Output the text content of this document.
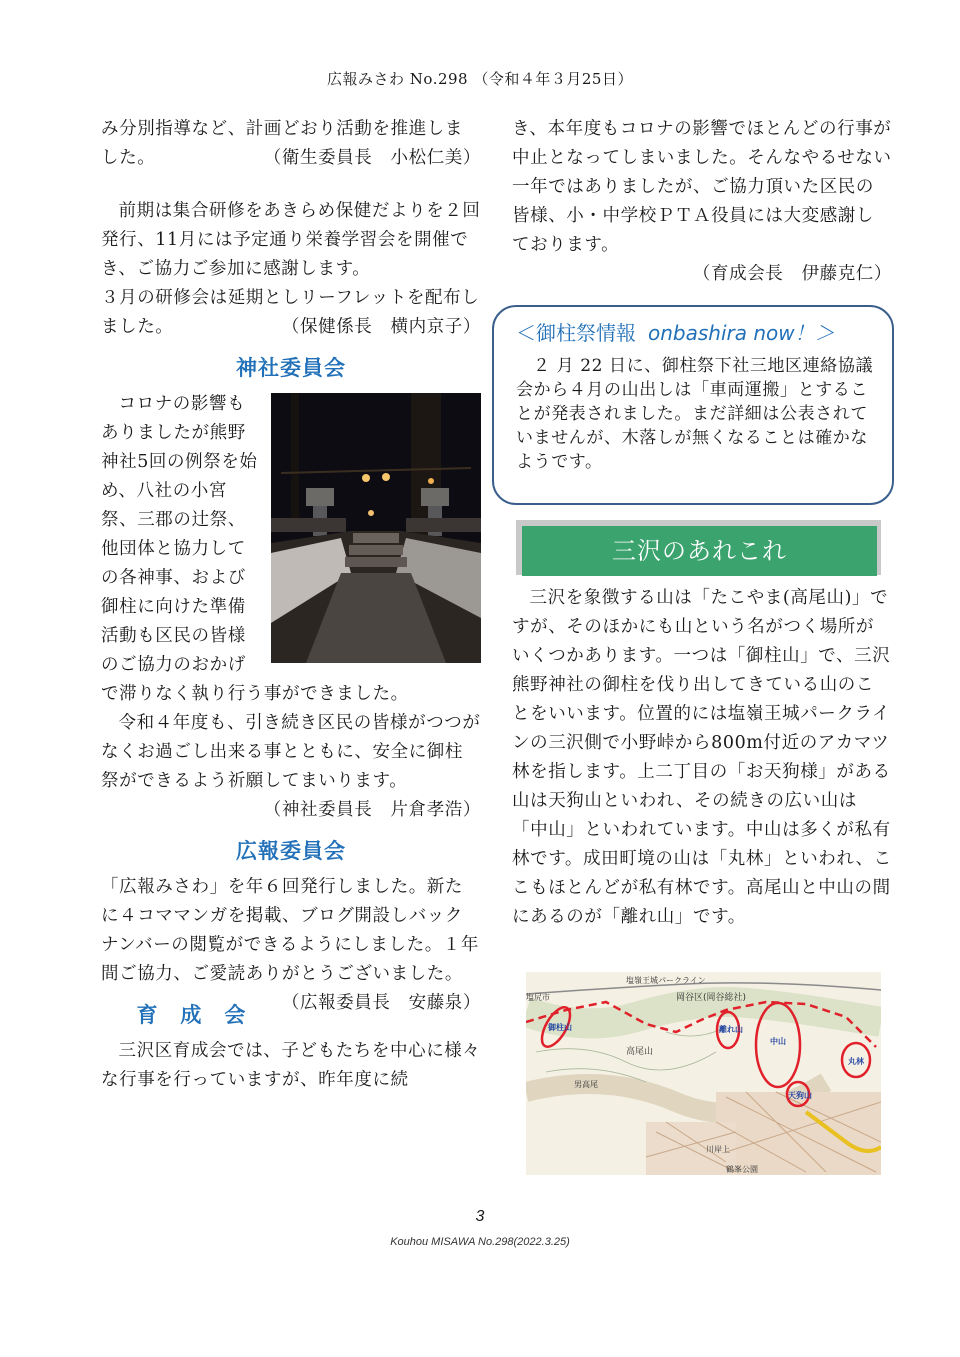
広報みさわ No.298 （令和４年３月25日）

み分別指導など、計画どおり活動を推進しました。	（衛生委員長　小松仁美）

前期は集合研修をあきらめ保健だよりを２回発行、11月には予定通り栄養学習会を開催でき、ご協力ご参加に感謝します。

３月の研修会は延期としリーフレットを配布しました。	（保健係長　横内京子）

神社委員会

コロナの影響もありましたが熊野神社5回の例祭を始め、八社の小宮祭、三郡の辻祭、他団体と協力しての各神事、および御柱に向けた準備活動も区民の皆様のご協力のおかげで滞りなく執り行う事ができました。

令和４年度も、引き続き区民の皆様がつつがなくお過ごし出来る事とともに、安全に御柱祭ができるよう祈願してまいります。

（神社委員長　片倉孝浩）

広報委員会

「広報みさわ」を年６回発行しました。新たに４コママンガを掲載、ブログ開設しバックナンバーの閲覧ができるようにしました。１年間ご協力、ご愛読ありがとうございました。
（広報委員長　安藤泉）

育　成　会

三沢区育成会では、子どもたちを中心に様々な行事を行っていますが、昨年度に続

き、本年度もコロナの影響でほとんどの行事が中止となってしまいました。そんなやるせない一年ではありましたが、ご協力頂いた区民の皆様、小・中学校ＰＴＡ役員には大変感謝しております。

（育成会長　伊藤克仁）

＜御柱祭情報 onbashira now！＞

２ 月 22 日に、御柱祭下社三地区連絡協議会から４月の山出しは「車両運搬」とすることが発表されました。まだ詳細は公表されていませんが、木落しが無くなることは確かなようです。

三沢のあれこれ

三沢を象徴する山は「たこやま(高尾山)」ですが、そのほかにも山という名がつく場所がいくつかあります。一つは「御柱山」で、三沢熊野神社の御柱を伐り出してきている山のことをいいます。位置的には塩嶺王城パークラインの三沢側で小野峠から800m付近のアカマツ林を指します。上二丁目の「お天狗様」がある山は天狗山といわれ、その続きの広い山は「中山」といわれています。中山は多くが私有林です。成田町境の山は「丸林」といわれ、ここもほとんどが私有林です。高尾山と中山の間にあるのが「離れ山」です。

塩嶺王城パークライン
塩尻市	岡谷区(岡谷総社)
高尾山
男高尾
川岸上
鶴峯公園
御柱山	離れ山
中山
丸林
天狗山
3
Kouhou MISAWA No.298(2022.3.25)
